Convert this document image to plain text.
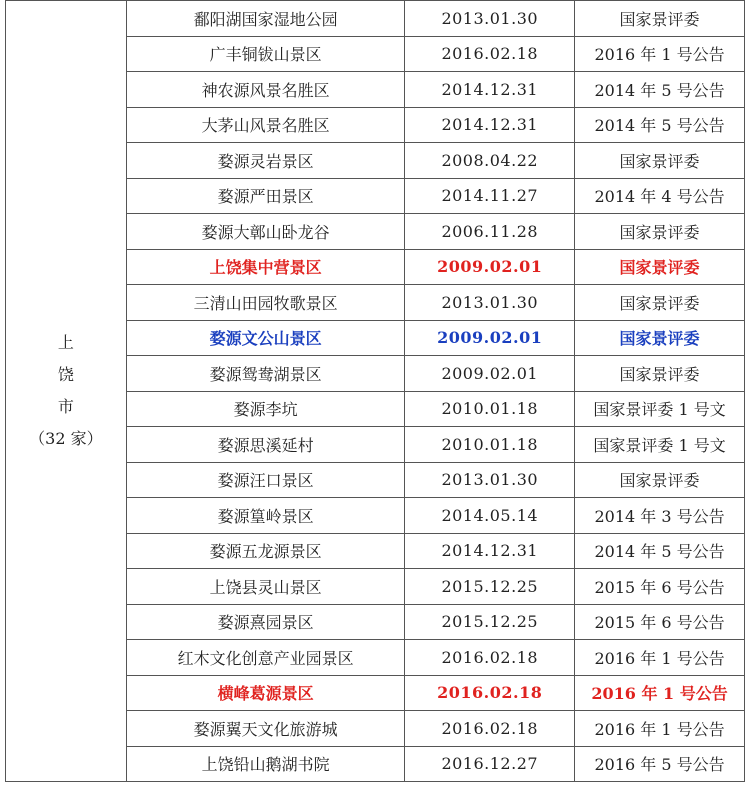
上
饶
市
（32 家）	鄱阳湖国家湿地公园	2013.01.30	国家景评委
	广丰铜钹山景区	2016.02.18	2016 年 1 号公告
	神农源风景名胜区	2014.12.31	2014 年 5 号公告
	大茅山风景名胜区	2014.12.31	2014 年 5 号公告
	婺源灵岩景区	2008.04.22	国家景评委
	婺源严田景区	2014.11.27	2014 年 4 号公告
	婺源大鄣山卧龙谷	2006.11.28	国家景评委
	上饶集中营景区	2009.02.01	国家景评委
	三清山田园牧歌景区	2013.01.30	国家景评委
	婺源文公山景区	2009.02.01	国家景评委
	婺源鸳鸯湖景区	2009.02.01	国家景评委
	婺源李坑	2010.01.18	国家景评委 1 号文
	婺源思溪延村	2010.01.18	国家景评委 1 号文
	婺源汪口景区	2013.01.30	国家景评委
	婺源篁岭景区	2014.05.14	2014 年 3 号公告
	婺源五龙源景区	2014.12.31	2014 年 5 号公告
	上饶县灵山景区	2015.12.25	2015 年 6 号公告
	婺源熹园景区	2015.12.25	2015 年 6 号公告
	红木文化创意产业园景区	2016.02.18	2016 年 1 号公告
	横峰葛源景区	2016.02.18	2016 年 1 号公告
	婺源翼天文化旅游城	2016.02.18	2016 年 1 号公告
	上饶铅山鹅湖书院	2016.12.27	2016 年 5 号公告
